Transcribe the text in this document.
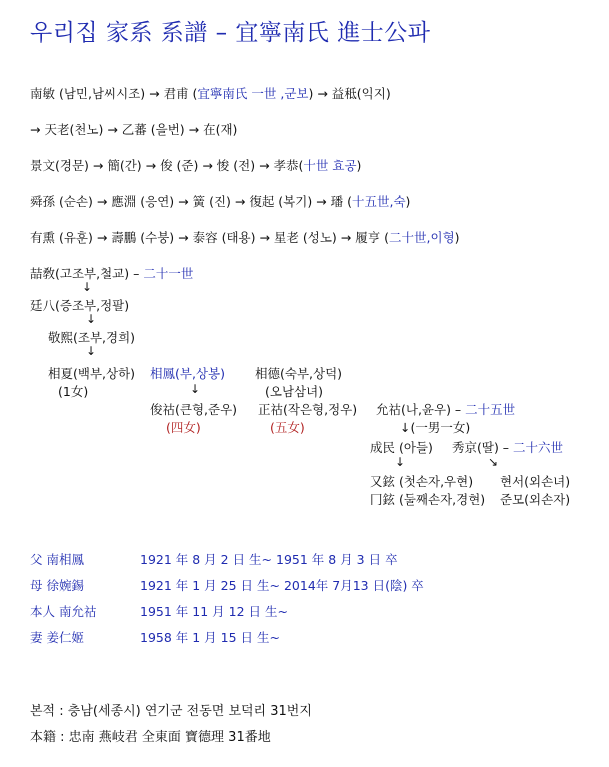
우리집 家系 系譜 – 宜寧南氏 進士公파
南敏 (남민,남씨시조) → 君甫 (宜寧南氏 一世 ,군보) → 益秪(익지)
→ 天老(천노) → 乙蕃 (을번) → 在(재)
景文(경문) → 簡(간) → 俊 (준) → 悛 (전) → 孝恭(十世 효공)
舜孫 (순손) → 應淵 (응연) → 簧 (진) → 復起 (복기) → 璠 (十五世,숙)
有熏 (유훈) → 壽鵬 (수붕) → 泰容 (태용) → 星老 (성노) → 履亨 (二十世,이형)
喆敎(고조부,철교) – 二十一世
↓
廷八(증조부,정팔)
↓
敬熙(조부,경희)
↓
相夏(백부,상하) 相鳳(부,상봉) 相德(숙부,상덕)
(1女)	↓	(오남삼녀)
俊祜(큰형,준우) 正祜(작은형,정우) 允祜(나,윤우) – 二十五世
(四女)	(五女)	↓(一男一女)
成民 (아들) 秀京(딸) – 二十六世
↓	↘
又鉉 (첫손자,우현) 현서(외손녀)
冂鉉 (둘째손자,경현) 준모(외손자)
父 南相鳳	1921 年 8 月 2 日 生~ 1951 年 8 月 3 日 卒
母 徐婉錫	1921 年 1 月 25 日 生~ 2014年 7月13 日(陰) 卒
本人 南允祜	1951 年 11 月 12 日 生~
妻 姜仁姬	1958 年 1 月 15 日 生~
본적 : 충남(세종시) 연기군 전동면 보덕리 31번지
本籍 : 忠南 燕岐君 全東面 寶德理 31番地
